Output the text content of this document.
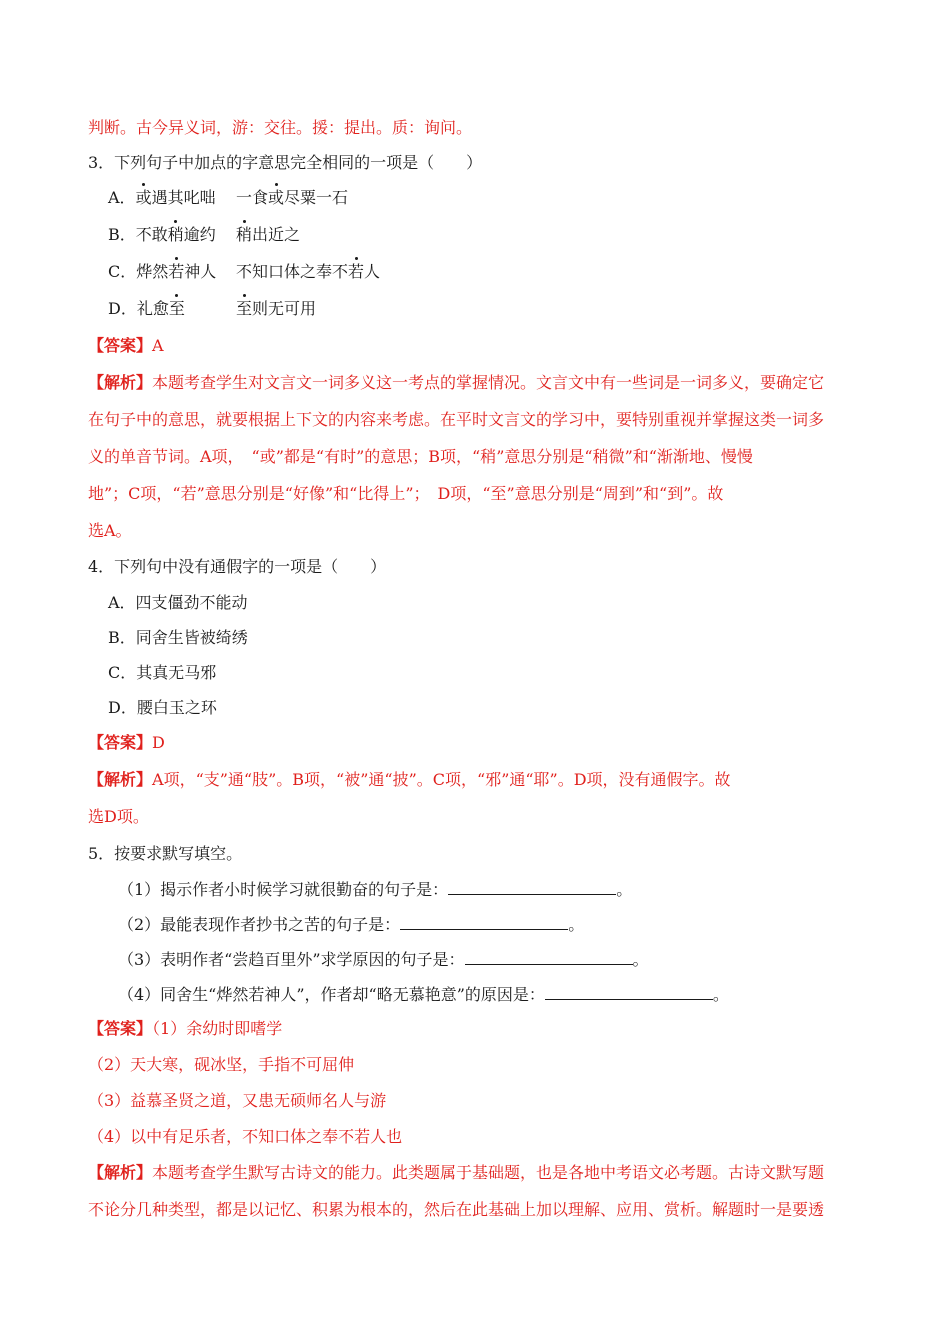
判断。古今异义词，游：交往。援：提出。质：询问。
3．下列句子中加点的字意思完全相同的一项是（　　）
A．或遇其叱咄 一食或尽粟一石
B．不敢稍逾约 稍出近之
C．烨然若神人 不知口体之奉不若人
D．礼愈至	至则无可用
【答案】A
【解析】本题考查学生对文言文一词多义这一考点的掌握情况。文言文中有一些词是一词多义，要确定它
在句子中的意思，就要根据上下文的内容来考虑。在平时文言文的学习中，要特别重视并掌握这类一词多
义的单音节词。A项，　“或”都是“有时”的意思；B项，“稍”意思分别是“稍微”和“渐渐地、慢慢
地”；C项，“若”意思分别是“好像”和“比得上”；　D项，“至”意思分别是“周到”和“到”。故
选A。
4．下列句中没有通假字的一项是（　　）
A．四支僵劲不能动
B．同舍生皆被绮绣
C．其真无马邪
D．腰白玉之环
【答案】D
【解析】A项，“支”通“肢”。B项，“被”通“披”。C项，“邪”通“耶”。D项，没有通假字。故
选D项。
5．按要求默写填空。
（1）揭示作者小时候学习就很勤奋的句子是：	。
（2）最能表现作者抄书之苦的句子是：	。
（3）表明作者“尝趋百里外”求学原因的句子是：	。
（4）同舍生“烨然若神人”，作者却“略无慕艳意”的原因是：	。
【答案】（1）余幼时即嗜学
（2）天大寒，砚冰坚，手指不可屈伸
（3）益慕圣贤之道，又患无硕师名人与游
（4）以中有足乐者，不知口体之奉不若人也
【解析】本题考查学生默写古诗文的能力。此类题属于基础题，也是各地中考语文必考题。古诗文默写题
不论分几种类型，都是以记忆、积累为根本的，然后在此基础上加以理解、应用、赏析。解题时一是要透
